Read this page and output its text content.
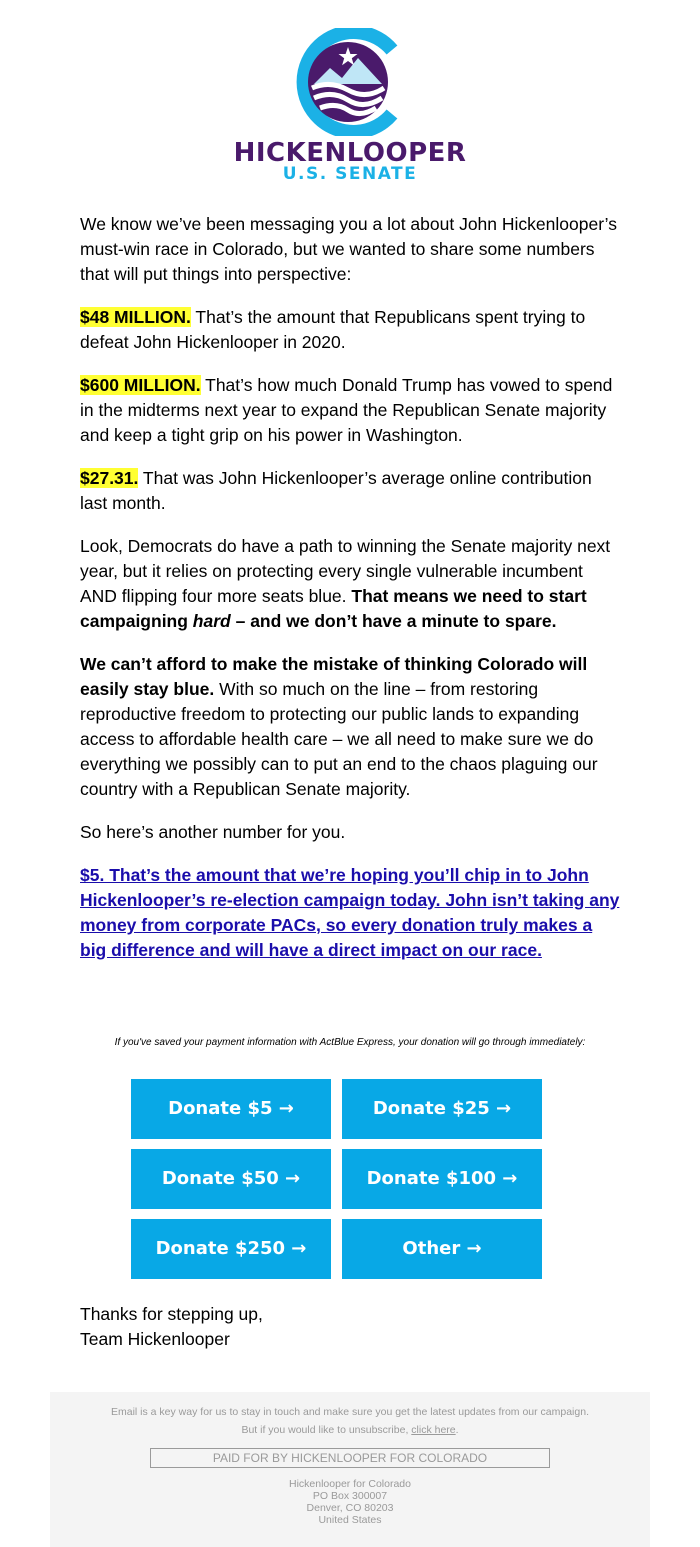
HICKENLOOPER
U.S. SENATE

We know we’ve been messaging you a lot about John Hickenlooper’s must-win race in Colorado, but we wanted to share some numbers that will put things into perspective:

$48 MILLION. That’s the amount that Republicans spent trying to defeat John Hickenlooper in 2020.

$600 MILLION. That’s how much Donald Trump has vowed to spend in the midterms next year to expand the Republican Senate majority and keep a tight grip on his power in Washington.

$27.31. That was John Hickenlooper’s average online contribution last month.

Look, Democrats do have a path to winning the Senate majority next year, but it relies on protecting every single vulnerable incumbent AND flipping four more seats blue. That means we need to start campaigning hard – and we don’t have a minute to spare.

We can’t afford to make the mistake of thinking Colorado will easily stay blue. With so much on the line – from restoring reproductive freedom to protecting our public lands to expanding access to affordable health care – we all need to make sure we do everything we possibly can to put an end to the chaos plaguing our country with a Republican Senate majority.

So here’s another number for you.

$5. That’s the amount that we’re hoping you’ll chip in to John Hickenlooper’s re-election campaign today. John isn’t taking any money from corporate PACs, so every donation truly makes a big difference and will have a direct impact on our race.

If you've saved your payment information with ActBlue Express, your donation will go through immediately:
Donate $5 →	Donate $25 →
Donate $50 →	Donate $100 →
Donate $250 →	Other →
Thanks for stepping up,
Team Hickenlooper
Email is a key way for us to stay in touch and make sure you get the latest updates from our campaign.
But if you would like to unsubscribe, click here.
PAID FOR BY HICKENLOOPER FOR COLORADO
Hickenlooper for Colorado
PO Box 300007
Denver, CO 80203
United States
